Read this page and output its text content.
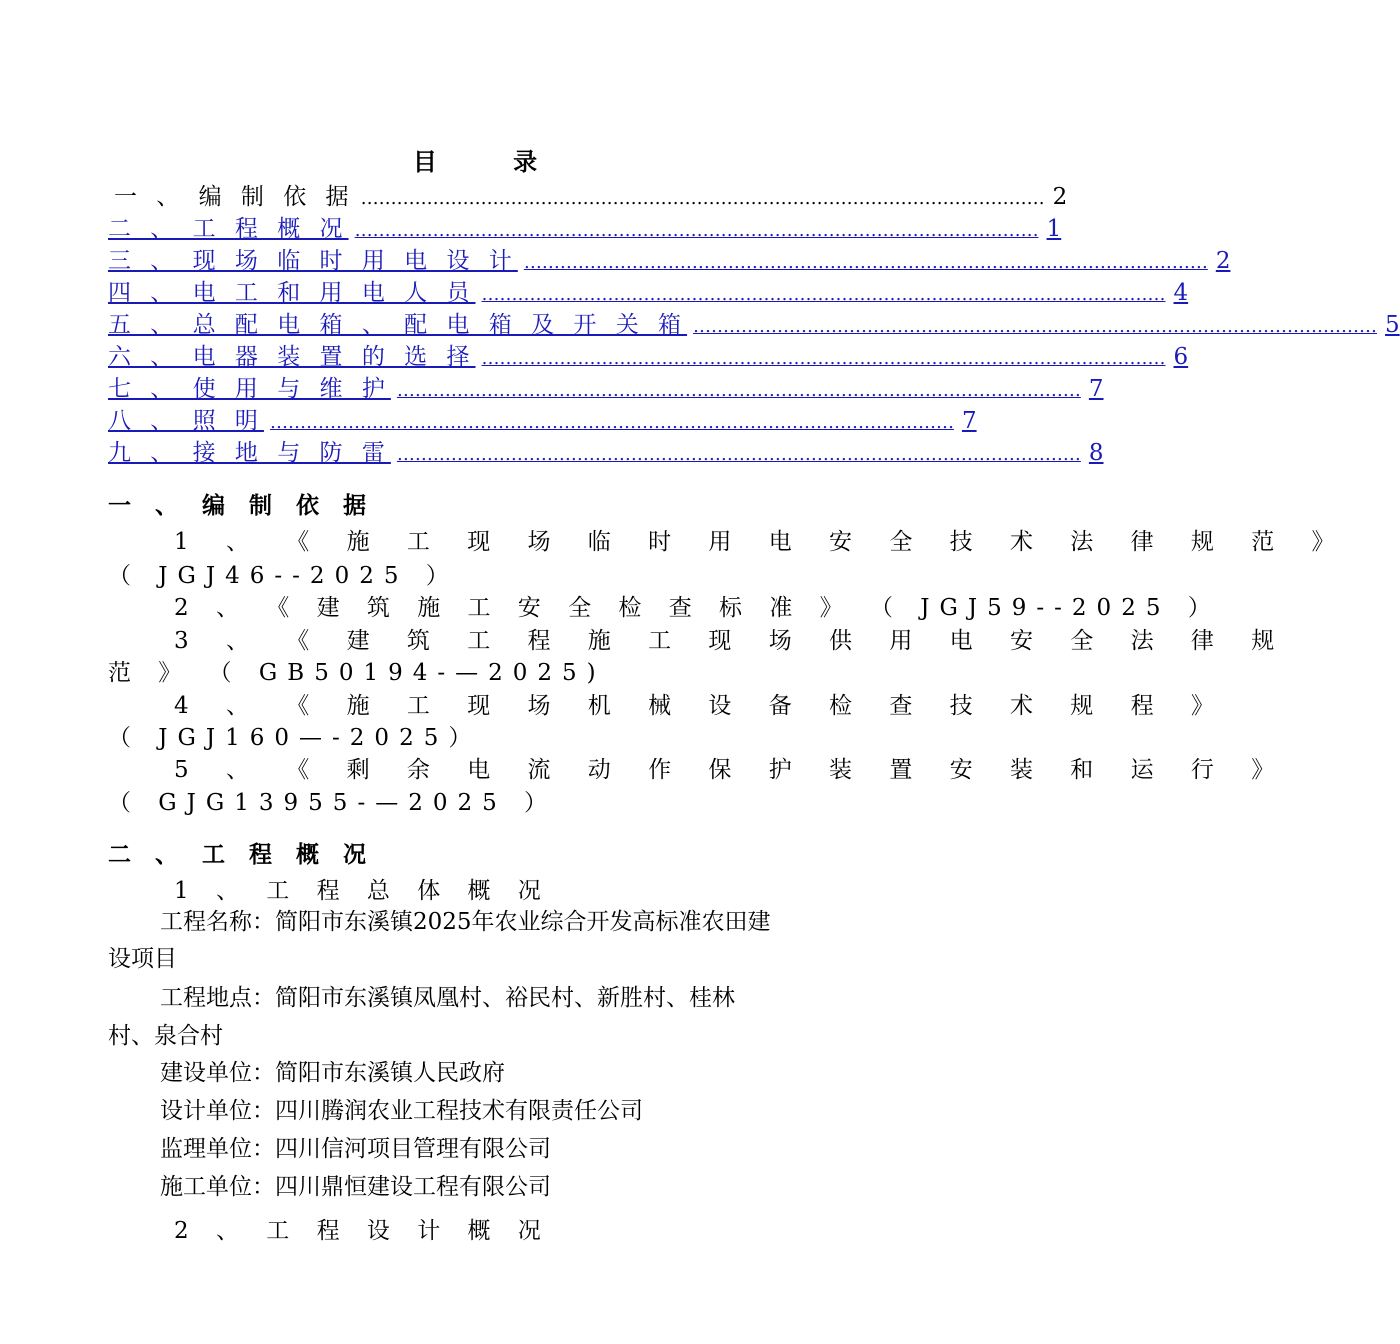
目 录
一 、 编 制 依 据 …………………………………………………………………………………………………… 2
二 、 工 程 概 况 …………………………………………………………………………………………………… 1
三 、 现 场 临 时 用 电 设 计 …………………………………………………………………………………………………… 2
四 、 电 工 和 用 电 人 员 …………………………………………………………………………………………………… 4
五 、 总 配 电 箱 、 配 电 箱 及 开 关 箱 …………………………………………………………………………………………………… 5
六 、 电 器 装 置 的 选 择 …………………………………………………………………………………………………… 6
七 、 使 用 与 维 护 …………………………………………………………………………………………………… 7
八 、 照 明 …………………………………………………………………………………………………… 7
九 、 接 地 与 防 雷 …………………………………………………………………………………………………… 8
一 、 编 制 依 据
1 、 《 施 工 现 场 临 时 用 电 安 全 技 术 法 律 规 范 》
（ JGJ46--2025 ）
2 、 《 建 筑 施 工 安 全 检 查 标 准 》 （ JGJ59--2025 ）
3 、 《 建 筑 工 程 施 工 现 场 供 用 电 安 全 法 律 规
范 》 （ GB50194-—2025)
4 、 《 施 工 现 场 机 械 设 备 检 查 技 术 规 程 》
（ JGJ160—-2025）
5 、 《 剩 余 电 流 动 作 保 护 装 置 安 装 和 运 行 》
（ GJG13955-—2025 ）
二 、 工 程 概 况
1 、 工 程 总 体 概 况
工程名称：简阳市东溪镇2025年农业综合开发高标准农田建
设项目
工程地点：简阳市东溪镇凤凰村、裕民村、新胜村、桂林
村、泉合村
建设单位：简阳市东溪镇人民政府
设计单位：四川腾润农业工程技术有限责任公司
监理单位：四川信河项目管理有限公司
施工单位：四川鼎恒建设工程有限公司
2 、 工 程 设 计 概 况
